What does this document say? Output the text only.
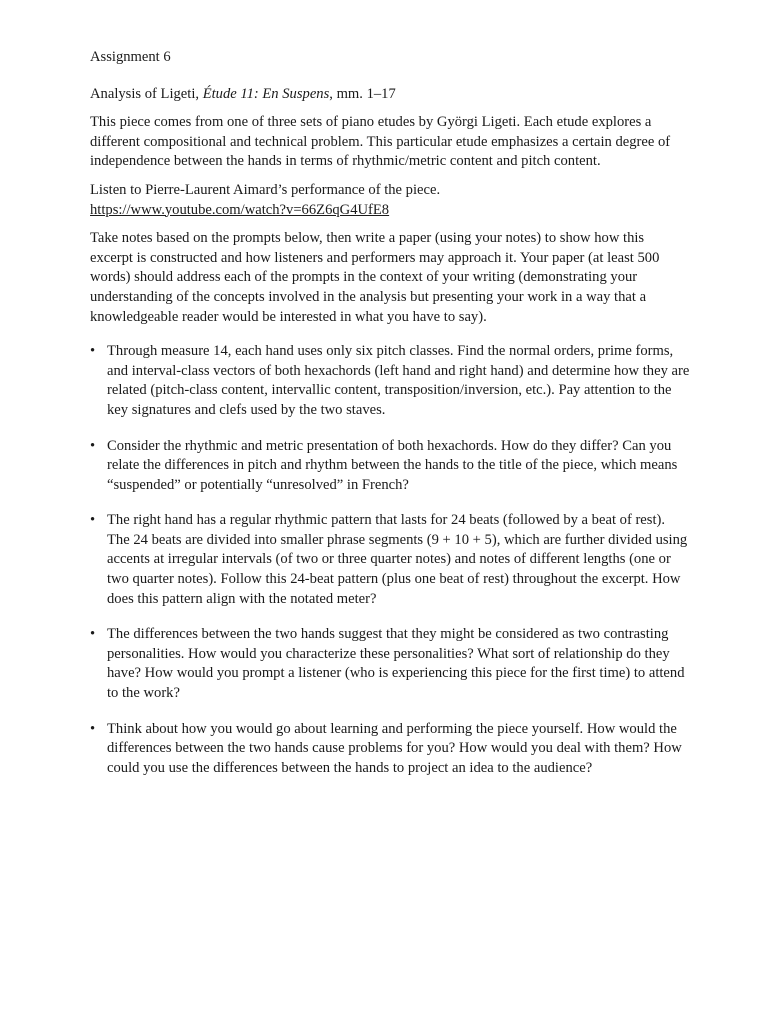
Assignment 6

Analysis of Ligeti, Étude 11: En Suspens, mm. 1–17

This piece comes from one of three sets of piano etudes by Györgi Ligeti. Each etude explores a different compositional and technical problem. This particular etude emphasizes a certain degree of independence between the hands in terms of rhythmic/metric content and pitch content.

Listen to Pierre-Laurent Aimard’s performance of the piece.
https://www.youtube.com/watch?v=66Z6qG4UfE8

Take notes based on the prompts below, then write a paper (using your notes) to show how this excerpt is constructed and how listeners and performers may approach it. Your paper (at least 500 words) should address each of the prompts in the context of your writing (demonstrating your understanding of the concepts involved in the analysis but presenting your work in a way that a knowledgeable reader would be interested in what you have to say).

• Through measure 14, each hand uses only six pitch classes. Find the normal orders, prime forms, and interval-class vectors of both hexachords (left hand and right hand) and determine how they are related (pitch-class content, intervallic content, transposition/inversion, etc.). Pay attention to the key signatures and clefs used by the two staves.
• Consider the rhythmic and metric presentation of both hexachords. How do they differ? Can you relate the differences in pitch and rhythm between the hands to the title of the piece, which means “suspended” or potentially “unresolved” in French?
• The right hand has a regular rhythmic pattern that lasts for 24 beats (followed by a beat of rest). The 24 beats are divided into smaller phrase segments (9 + 10 + 5), which are further divided using accents at irregular intervals (of two or three quarter notes) and notes of different lengths (one or two quarter notes). Follow this 24-beat pattern (plus one beat of rest) throughout the excerpt. How does this pattern align with the notated meter?
• The differences between the two hands suggest that they might be considered as two contrasting personalities. How would you characterize these personalities? What sort of relationship do they have? How would you prompt a listener (who is experiencing this piece for the first time) to attend to the work?
• Think about how you would go about learning and performing the piece yourself. How would the differences between the two hands cause problems for you? How would you deal with them? How could you use the differences between the hands to project an idea to the audience?
